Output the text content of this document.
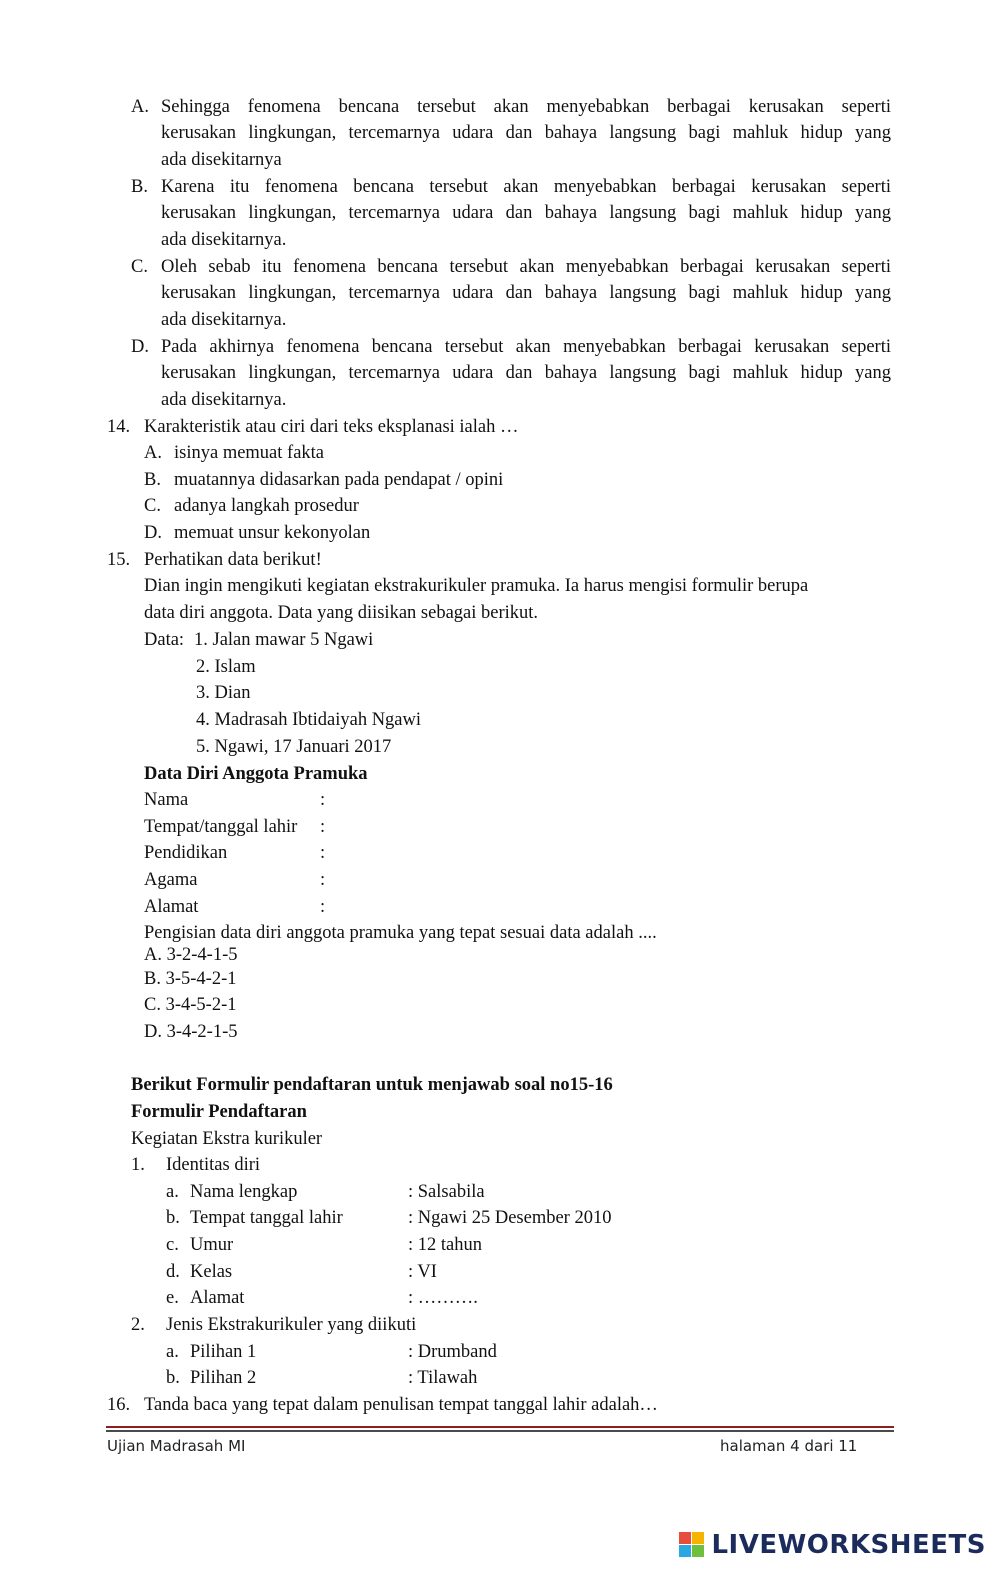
A. Sehingga fenomena bencana tersebut akan menyebabkan berbagai kerusakan seperti
kerusakan lingkungan, tercemarnya udara dan bahaya langsung bagi mahluk hidup yang
ada disekitarnya
B. Karena itu fenomena bencana tersebut akan menyebabkan berbagai kerusakan seperti
kerusakan lingkungan, tercemarnya udara dan bahaya langsung bagi mahluk hidup yang
ada disekitarnya.
C. Oleh sebab itu fenomena bencana tersebut akan menyebabkan berbagai kerusakan seperti
kerusakan lingkungan, tercemarnya udara dan bahaya langsung bagi mahluk hidup yang
ada disekitarnya.
D. Pada akhirnya fenomena bencana tersebut akan menyebabkan berbagai kerusakan seperti
kerusakan lingkungan, tercemarnya udara dan bahaya langsung bagi mahluk hidup yang
ada disekitarnya.
14. Karakteristik atau ciri dari teks eksplanasi ialah …
A. isinya memuat fakta
B. muatannya didasarkan pada pendapat / opini
C. adanya langkah prosedur
D. memuat unsur kekonyolan
15. Perhatikan data berikut!
Dian ingin mengikuti kegiatan ekstrakurikuler pramuka. Ia harus mengisi formulir berupa
data diri anggota. Data yang diisikan sebagai berikut.
Data: 1. Jalan mawar 5 Ngawi
2. Islam
3. Dian
4. Madrasah Ibtidaiyah Ngawi
5. Ngawi, 17 Januari 2017
Data Diri Anggota Pramuka
Nama	:
Tempat/tanggal lahir :
Pendidikan	:
Agama	:
Alamat	:
Pengisian data diri anggota pramuka yang tepat sesuai data adalah ....
A. 3-2-4-1-5
B. 3-5-4-2-1
C. 3-4-5-2-1
D. 3-4-2-1-5
Berikut Formulir pendaftaran untuk menjawab soal no15-16
Formulir Pendaftaran
Kegiatan Ekstra kurikuler
1. Identitas diri
a. Nama lengkap	: Salsabila
b. Tempat tanggal lahir	: Ngawi 25 Desember 2010
c. Umur	: 12 tahun
d. Kelas	: VI
e. Alamat	: ……….
2. Jenis Ekstrakurikuler yang diikuti
a. Pilihan 1	: Drumband
b. Pilihan 2	: Tilawah
16. Tanda baca yang tepat dalam penulisan tempat tanggal lahir adalah…
Ujian Madrasah MI	halaman 4 dari 11
LIVEWORKSHEETS
